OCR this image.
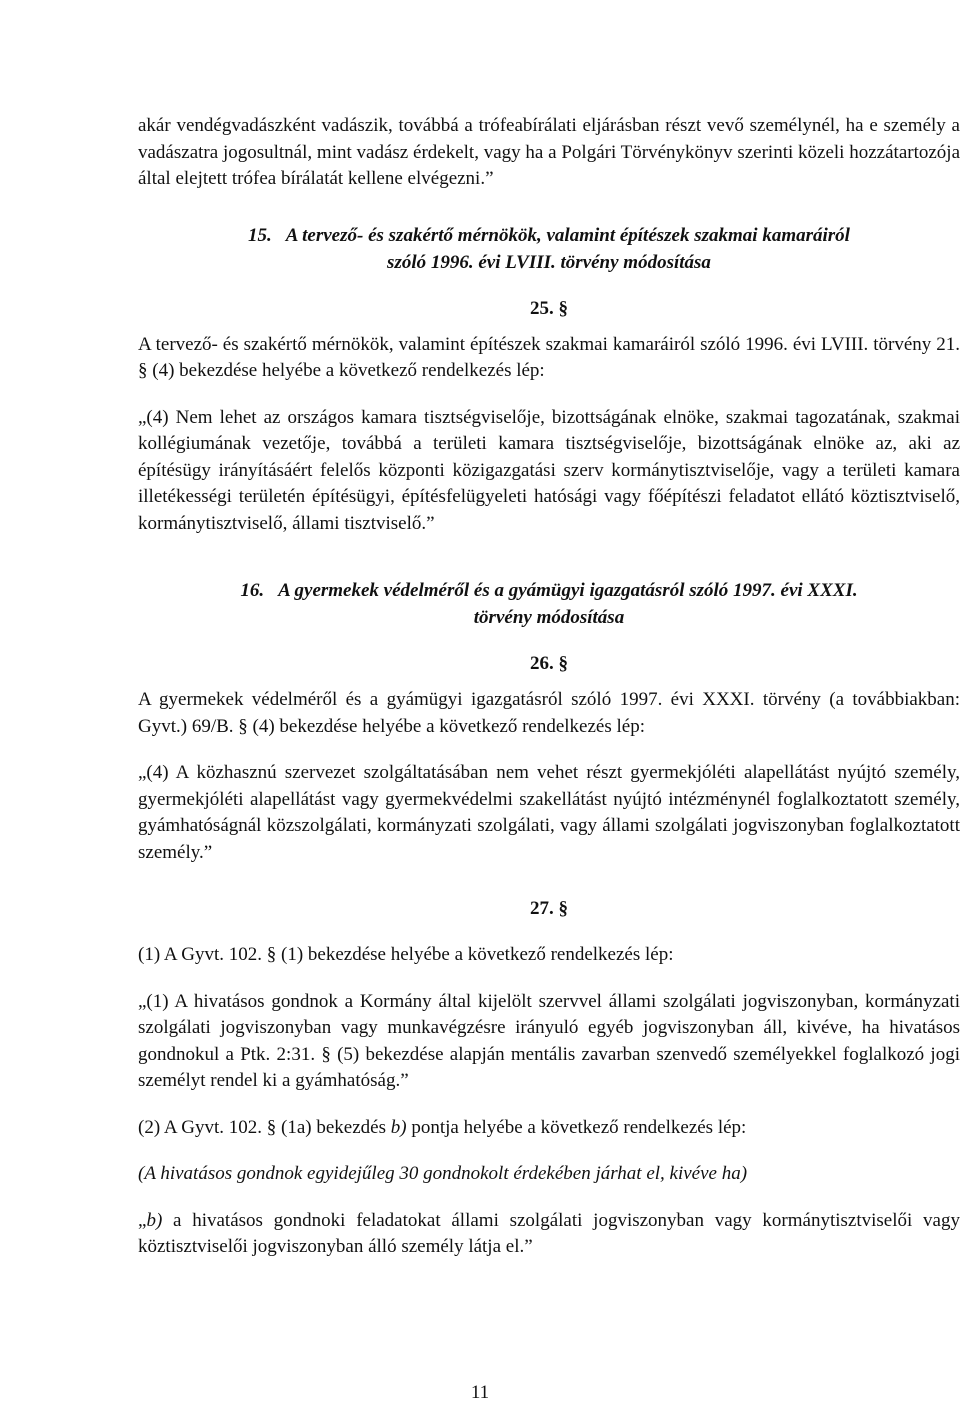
akár vendégvadászként vadászik, továbbá a trófeabírálati eljárásban részt vevő személynél, ha e személy a vadászatra jogosultnál, mint vadász érdekelt, vagy ha a Polgári Törvénykönyv szerinti közeli hozzátartozója által elejtett trófea bírálatát kellene elvégezni.”

15. A tervező- és szakértő mérnökök, valamint építészek szakmai kamaráiról
szóló 1996. évi LVIII. törvény módosítása

25. §

A tervező- és szakértő mérnökök, valamint építészek szakmai kamaráiról szóló 1996. évi LVIII. törvény 21. § (4) bekezdése helyébe a következő rendelkezés lép:

„(4) Nem lehet az országos kamara tisztségviselője, bizottságának elnöke, szakmai tagozatának, szakmai kollégiumának vezetője, továbbá a területi kamara tisztségviselője, bizottságának elnöke az, aki az építésügy irányításáért felelős központi közigazgatási szerv kormánytisztviselője, vagy a területi kamara illetékességi területén építésügyi, építésfelügyeleti hatósági vagy főépítészi feladatot ellátó köztisztviselő, kormánytisztviselő, állami tisztviselő.”

16. A gyermekek védelméről és a gyámügyi igazgatásról szóló 1997. évi XXXI.
törvény módosítása

26. §

A gyermekek védelméről és a gyámügyi igazgatásról szóló 1997. évi XXXI. törvény (a továbbiakban: Gyvt.) 69/B. § (4) bekezdése helyébe a következő rendelkezés lép:

„(4) A közhasznú szervezet szolgáltatásában nem vehet részt gyermekjóléti alapellátást nyújtó személy, gyermekjóléti alapellátást vagy gyermekvédelmi szakellátást nyújtó intézménynél foglalkoztatott személy, gyámhatóságnál közszolgálati, kormányzati szolgálati, vagy állami szolgálati jogviszonyban foglalkoztatott személy.”

27. §

(1) A Gyvt. 102. § (1) bekezdése helyébe a következő rendelkezés lép:

„(1) A hivatásos gondnok a Kormány által kijelölt szervvel állami szolgálati jogviszonyban, kormányzati szolgálati jogviszonyban vagy munkavégzésre irányuló egyéb jogviszonyban áll, kivéve, ha hivatásos gondnokul a Ptk. 2:31. § (5) bekezdése alapján mentális zavarban szenvedő személyekkel foglalkozó jogi személyt rendel ki a gyámhatóság.”

(2) A Gyvt. 102. § (1a) bekezdés b) pontja helyébe a következő rendelkezés lép:

(A hivatásos gondnok egyidejűleg 30 gondnokolt érdekében járhat el, kivéve ha)

„b) a hivatásos gondnoki feladatokat állami szolgálati jogviszonyban vagy kormánytisztviselői vagy köztisztviselői jogviszonyban álló személy látja el.”

11
